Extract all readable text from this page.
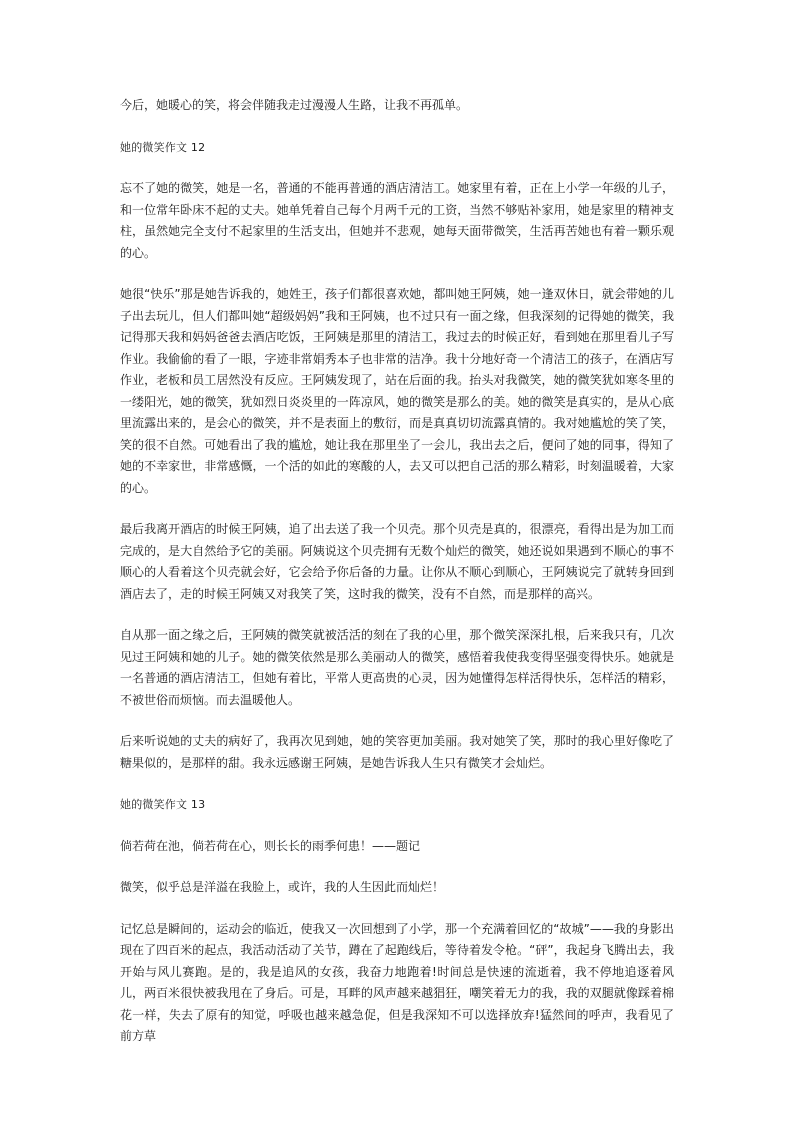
今后，她暖心的笑，将会伴随我走过漫漫人生路，让我不再孤单。

她的微笑作文 12

忘不了她的微笑，她是一名，普通的不能再普通的酒店清洁工。她家里有着，正在上小学一年级的儿子，和一位常年卧床不起的丈夫。她单凭着自己每个月两千元的工资，当然不够贴补家用，她是家里的精神支柱，虽然她完全支付不起家里的生活支出，但她并不悲观，她每天面带微笑，生活再苦她也有着一颗乐观的心。

她很“快乐”那是她告诉我的，她姓王，孩子们都很喜欢她，都叫她王阿姨，她一逢双休日，就会带她的儿子出去玩儿，但人们都叫她“超级妈妈”我和王阿姨，也不过只有一面之缘，但我深刻的记得她的微笑，我记得那天我和妈妈爸爸去酒店吃饭，王阿姨是那里的清洁工，我过去的时候正好，看到她在那里看儿子写作业。我偷偷的看了一眼，字迹非常娟秀本子也非常的洁净。我十分地好奇一个清洁工的孩子，在酒店写作业，老板和员工居然没有反应。王阿姨发现了，站在后面的我。抬头对我微笑，她的微笑犹如寒冬里的一缕阳光，她的微笑，犹如烈日炎炎里的一阵凉风，她的微笑是那么的美。她的微笑是真实的，是从心底里流露出来的，是会心的微笑，并不是表面上的敷衍，而是真真切切流露真情的。我对她尴尬的笑了笑，笑的很不自然。可她看出了我的尴尬，她让我在那里坐了一会儿，我出去之后，便问了她的同事，得知了她的不幸家世，非常感慨，一个活的如此的寒酸的人，去又可以把自己活的那么精彩，时刻温暖着，大家的心。

最后我离开酒店的时候王阿姨，追了出去送了我一个贝壳。那个贝壳是真的，很漂亮，看得出是为加工而完成的，是大自然给予它的美丽。阿姨说这个贝壳拥有无数个灿烂的微笑，她还说如果遇到不顺心的事不顺心的人看着这个贝壳就会好，它会给予你后备的力量。让你从不顺心到顺心，王阿姨说完了就转身回到酒店去了，走的时候王阿姨又对我笑了笑，这时我的微笑，没有不自然，而是那样的高兴。

自从那一面之缘之后，王阿姨的微笑就被活活的刻在了我的心里，那个微笑深深扎根，后来我只有，几次见过王阿姨和她的儿子。她的微笑依然是那么美丽动人的微笑，感悟着我使我变得坚强变得快乐。她就是一名普通的酒店清洁工，但她有着比，平常人更高贵的心灵，因为她懂得怎样活得快乐，怎样活的精彩，不被世俗而烦恼。而去温暖他人。

后来听说她的丈夫的病好了，我再次见到她，她的笑容更加美丽。我对她笑了笑，那时的我心里好像吃了糖果似的，是那样的甜。我永远感谢王阿姨，是她告诉我人生只有微笑才会灿烂。

她的微笑作文 13

倘若荷在池，倘若荷在心，则长长的雨季何患！——题记

微笑，似乎总是洋溢在我脸上，或许，我的人生因此而灿烂！

记忆总是瞬间的，运动会的临近，使我又一次回想到了小学，那一个充满着回忆的“故城”——我的身影出现在了四百米的起点，我活动活动了关节，蹲在了起跑线后，等待着发令枪。“砰”，我起身飞腾出去，我开始与风儿赛跑。是的，我是追风的女孩，我奋力地跑着!时间总是快速的流逝着，我不停地追逐着风儿，两百米很快被我甩在了身后。可是，耳畔的风声越来越猖狂，嘲笑着无力的我，我的双腿就像踩着棉花一样，失去了原有的知觉，呼吸也越来越急促，但是我深知不可以选择放弃!猛然间的呼声，我看见了前方草
